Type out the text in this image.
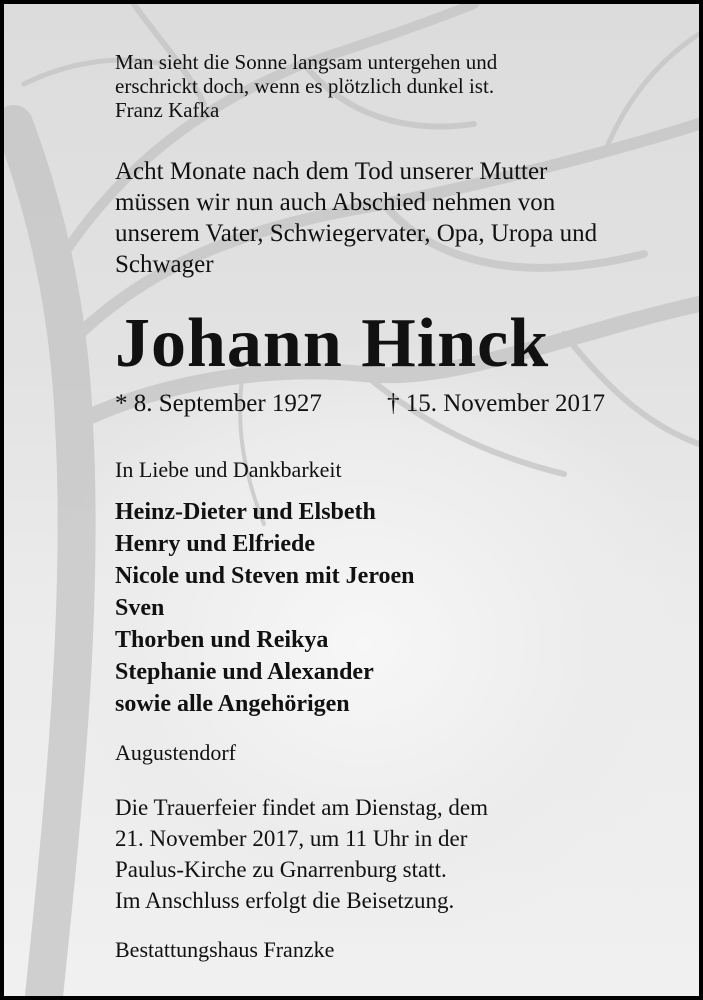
Man sieht die Sonne langsam untergehen und
erschrickt doch, wenn es plötzlich dunkel ist.
Franz Kafka
Acht Monate nach dem Tod unserer Mutter
müssen wir nun auch Abschied nehmen von
unserem Vater, Schwiegervater, Opa, Uropa und
Schwager
Johann Hinck
* 8. September 1927	† 15. November 2017
In Liebe und Dankbarkeit
Heinz-Dieter und Elsbeth
Henry und Elfriede
Nicole und Steven mit Jeroen
Sven
Thorben und Reikya
Stephanie und Alexander
sowie alle Angehörigen
Augustendorf
Die Trauerfeier findet am Dienstag, dem
21. November 2017, um 11 Uhr in der
Paulus-Kirche zu Gnarrenburg statt.
Im Anschluss erfolgt die Beisetzung.
Bestattungshaus Franzke
